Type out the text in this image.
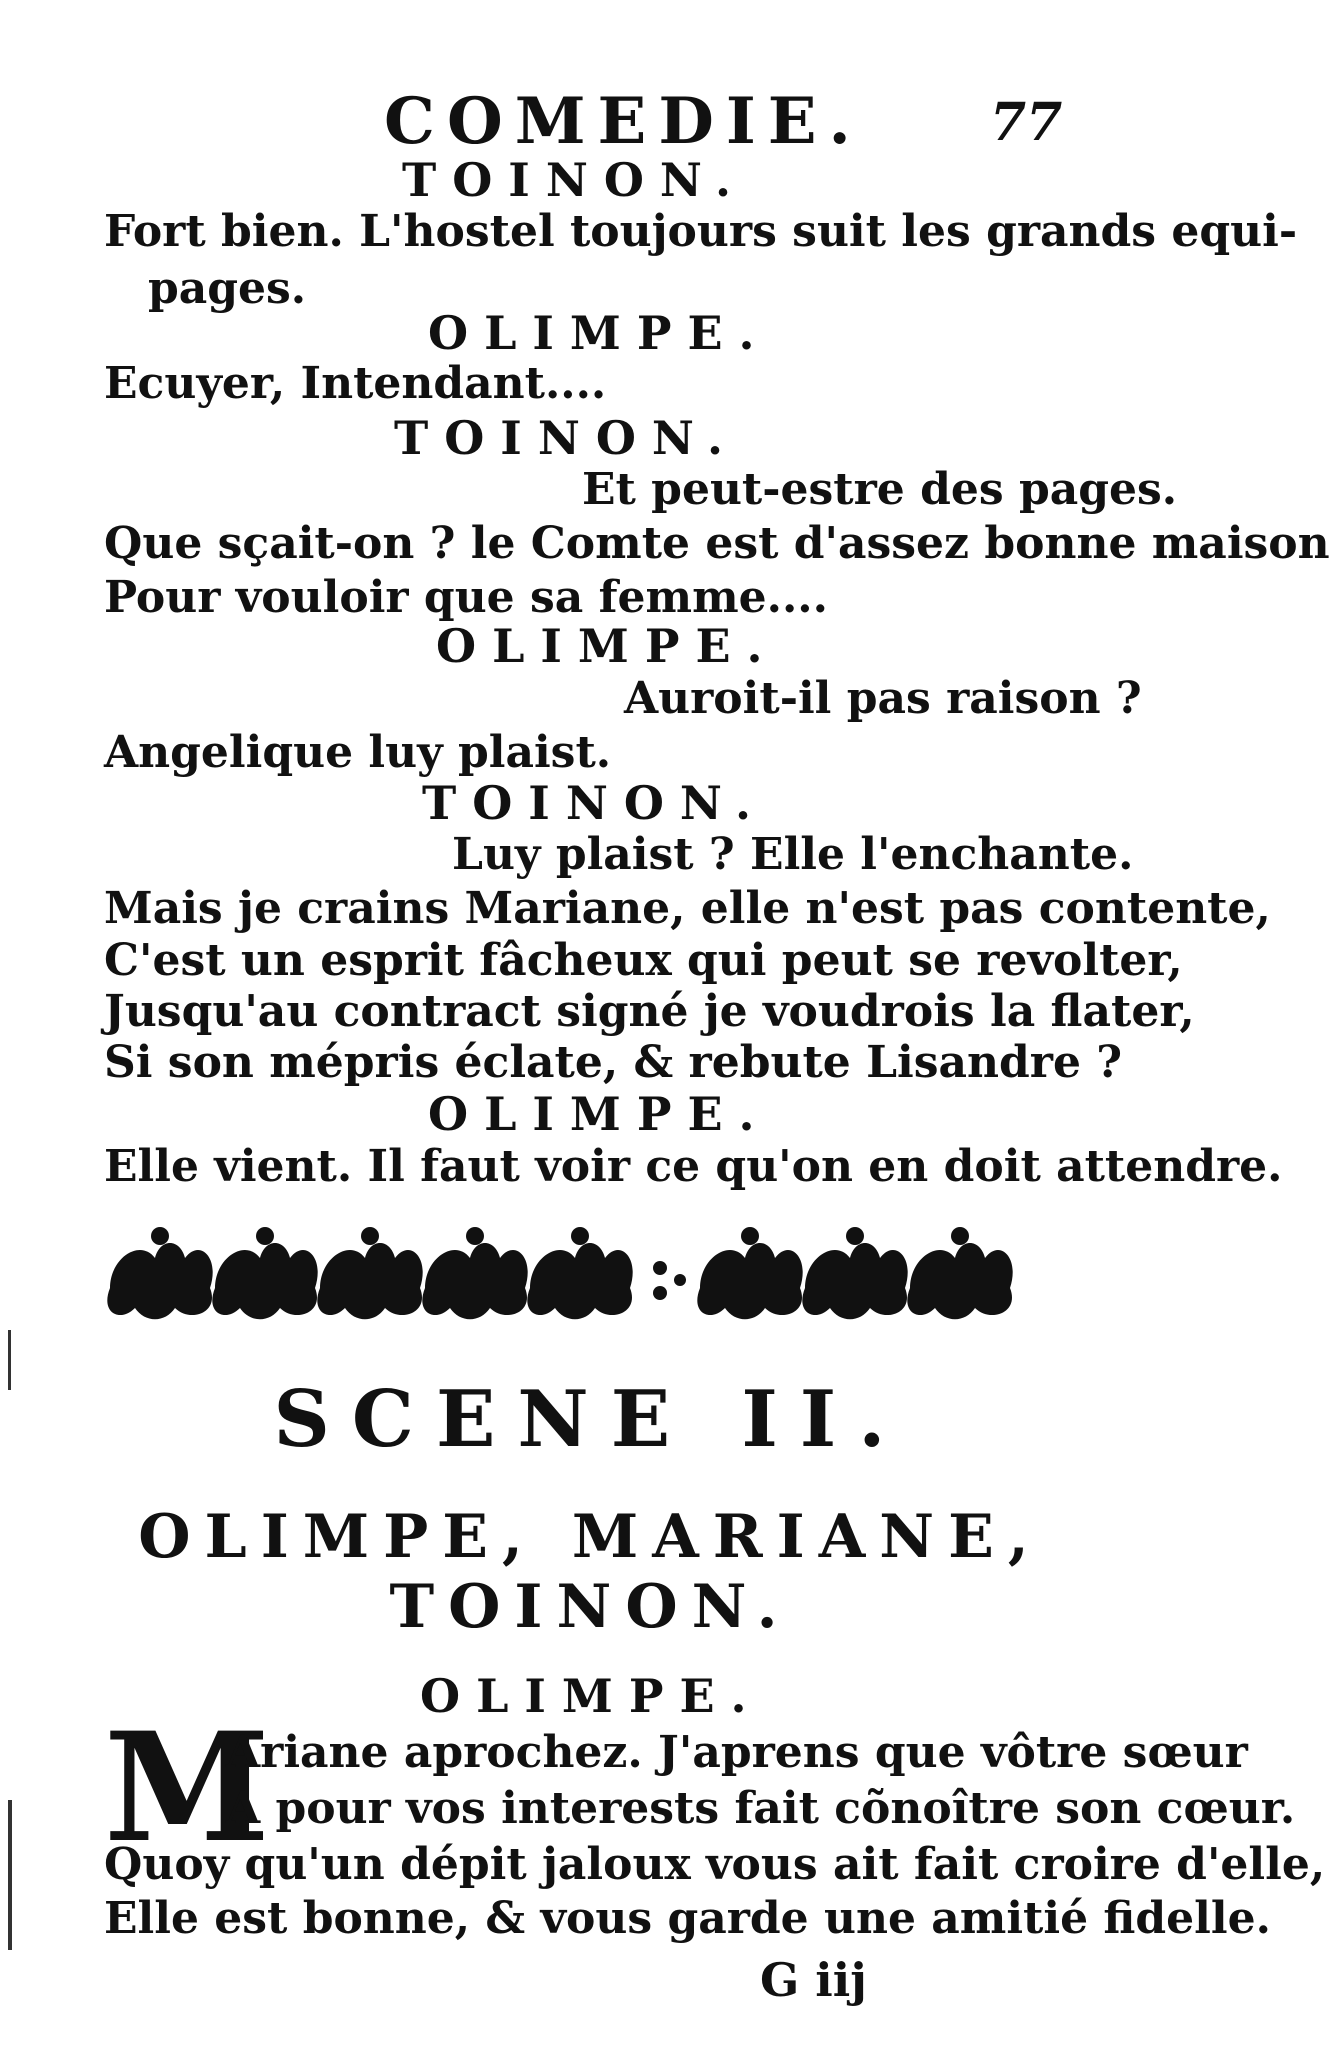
COMEDIE. 77
TOINON.
Fort bien. L'hostel toujours suit les grands equi-
pages.
OLIMPE.
Ecuyer, Intendant....
TOINON.
Et peut-estre des pages.
Que sçait-on ? le Comte est d'assez bonne maison
Pour vouloir que sa femme....
OLIMPE.
Auroit-il pas raison ?
Angelique luy plaist.
TOINON.
Luy plaist ? Elle l'enchante.
Mais je crains Mariane, elle n'est pas contente,
C'est un esprit fâcheux qui peut se revolter,
Jusqu'au contract signé je voudrois la flater,
Si son mépris éclate, & rebute Lisandre ?
OLIMPE.
Elle vient. Il faut voir ce qu'on en doit attendre.
SCENE II.
OLIMPE, MARIANE,
TOINON.
OLIMPE.
M
Ariane aprochez. J'aprens que vôtre sœur
A pour vos interests fait cõnoître son cœur.
Quoy qu'un dépit jaloux vous ait fait croire d'elle,
Elle est bonne, & vous garde une amitié fidelle.
G iij
